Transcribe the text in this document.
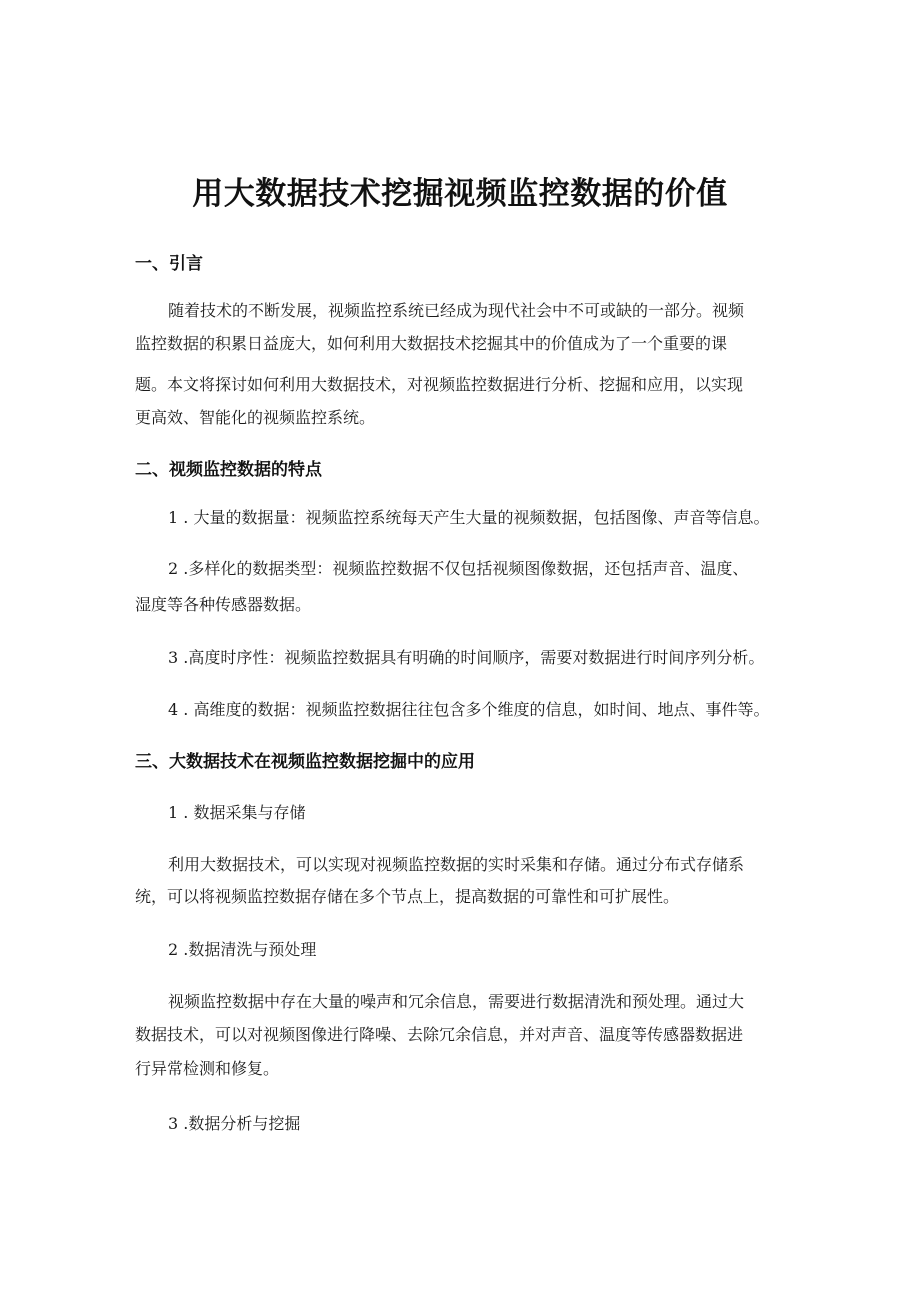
用大数据技术挖掘视频监控数据的价值
一、引言
随着技术的不断发展，视频监控系统已经成为现代社会中不可或缺的一部分。视频
监控数据的积累日益庞大，如何利用大数据技术挖掘其中的价值成为了一个重要的课
题。本文将探讨如何利用大数据技术，对视频监控数据进行分析、挖掘和应用，以实现
更高效、智能化的视频监控系统。
二、视频监控数据的特点
1 . 大量的数据量：视频监控系统每天产生大量的视频数据，包括图像、声音等信息。
2 .多样化的数据类型：视频监控数据不仅包括视频图像数据，还包括声音、温度、
湿度等各种传感器数据。
3 .高度时序性：视频监控数据具有明确的时间顺序，需要对数据进行时间序列分析。
4 . 高维度的数据：视频监控数据往往包含多个维度的信息，如时间、地点、事件等。
三、大数据技术在视频监控数据挖掘中的应用
1 . 数据采集与存储
利用大数据技术，可以实现对视频监控数据的实时采集和存储。通过分布式存储系
统，可以将视频监控数据存储在多个节点上，提高数据的可靠性和可扩展性。
2 .数据清洗与预处理
视频监控数据中存在大量的噪声和冗余信息，需要进行数据清洗和预处理。通过大
数据技术，可以对视频图像进行降噪、去除冗余信息，并对声音、温度等传感器数据进
行异常检测和修复。
3 .数据分析与挖掘
